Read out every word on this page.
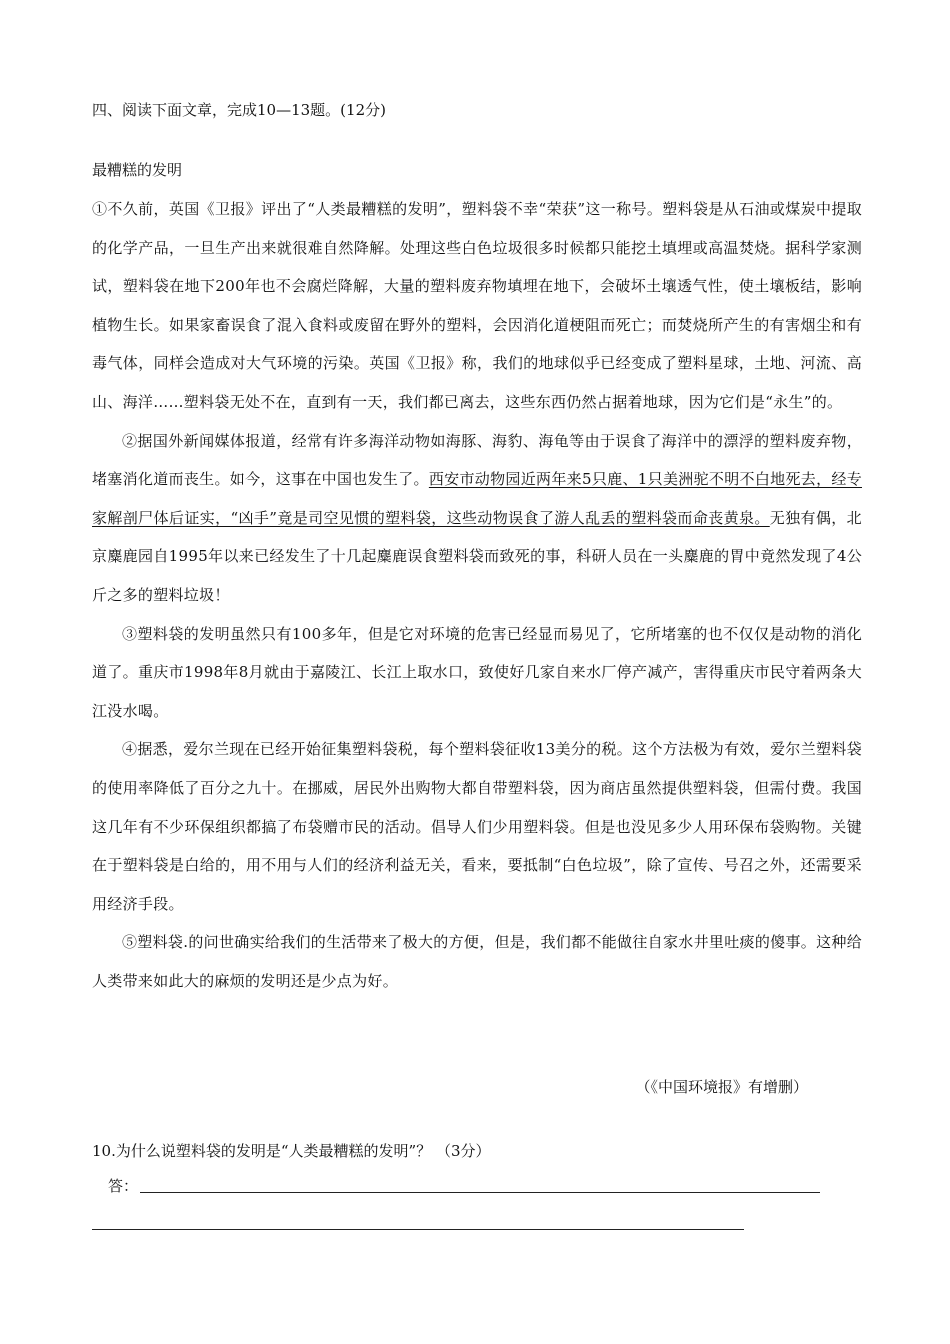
四、阅读下面文章，完成10—13题。(12分)
最糟糕的发明

①不久前，英国《卫报》评出了“人类最糟糕的发明”，塑料袋不幸“荣获”这一称号。塑料袋是从石油或煤炭中提取的化学产品，一旦生产出来就很难自然降解。处理这些白色垃圾很多时候都只能挖土填埋或高温焚烧。据科学家测试，塑料袋在地下200年也不会腐烂降解，大量的塑料废弃物填埋在地下，会破坏土壤透气性，使土壤板结，影响植物生长。如果家畜误食了混入食料或废留在野外的塑料，会因消化道梗阻而死亡；而焚烧所产生的有害烟尘和有毒气体，同样会造成对大气环境的污染。英国《卫报》称，我们的地球似乎已经变成了塑料星球，土地、河流、高山、海洋……塑料袋无处不在，直到有一天，我们都已离去，这些东西仍然占据着地球，因为它们是“永生”的。

②据国外新闻媒体报道，经常有许多海洋动物如海豚、海豹、海龟等由于误食了海洋中的漂浮的塑料废弃物，堵塞消化道而丧生。如今，这事在中国也发生了。西安市动物园近两年来5只鹿、1只美洲驼不明不白地死去，经专家解剖尸体后证实，“凶手”竟是司空见惯的塑料袋，这些动物误食了游人乱丢的塑料袋而命丧黄泉。无独有偶，北京麋鹿园自1995年以来已经发生了十几起麋鹿误食塑料袋而致死的事，科研人员在一头麋鹿的胃中竟然发现了4公斤之多的塑料垃圾！

③塑料袋的发明虽然只有100多年，但是它对环境的危害已经显而易见了，它所堵塞的也不仅仅是动物的消化道了。重庆市1998年8月就由于嘉陵江、长江上取水口，致使好几家自来水厂停产减产，害得重庆市民守着两条大江没水喝。

④据悉，爱尔兰现在已经开始征集塑料袋税，每个塑料袋征收13美分的税。这个方法极为有效，爱尔兰塑料袋的使用率降低了百分之九十。在挪威，居民外出购物大都自带塑料袋，因为商店虽然提供塑料袋，但需付费。我国这几年有不少环保组织都搞了布袋赠市民的活动。倡导人们少用塑料袋。但是也没见多少人用环保布袋购物。关键在于塑料袋是白给的，用不用与人们的经济利益无关，看来，要抵制“白色垃圾”，除了宣传、号召之外，还需要采用经济手段。

⑤塑料袋.的问世确实给我们的生活带来了极大的方便，但是，我们都不能做往自家水井里吐痰的傻事。这种给人类带来如此大的麻烦的发明还是少点为好。

（《中国环境报》有增删）
10.为什么说塑料袋的发明是“人类最糟糕的发明”？ （3分）
答：
